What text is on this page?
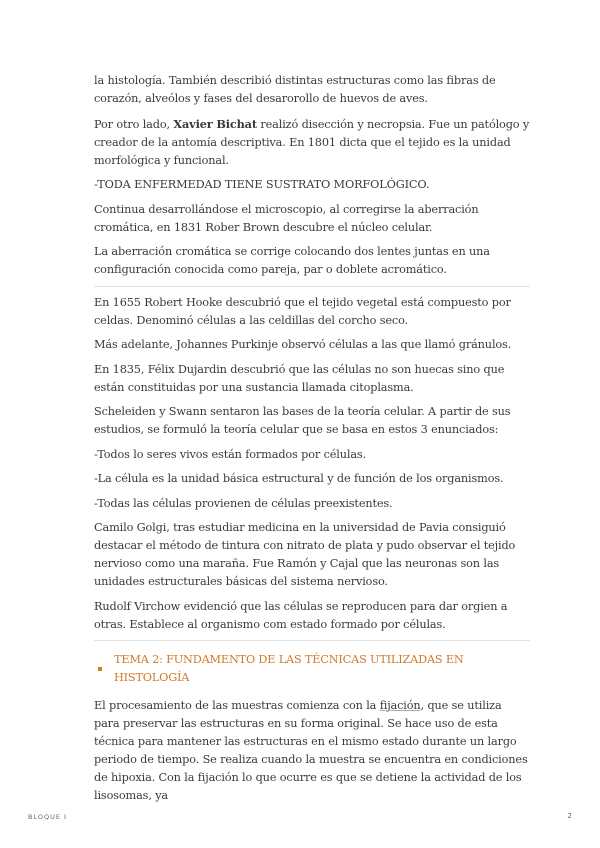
la histología. También describió distintas estructuras como las fibras de corazón, alveólos y fases del desarorollo de huevos de aves.

Por otro lado, Xavier Bichat realizó disección y necropsia. Fue un patólogo y creador de la antomía descriptiva. En 1801 dicta que el tejido es la unidad morfológica y funcional.

-TODA ENFERMEDAD TIENE SUSTRATO MORFOLÓGICO.

Continua desarrollándose el microscopio, al corregirse la aberración cromática, en 1831 Rober Brown descubre el núcleo celular.

La aberración cromática se corrige colocando dos lentes juntas en una configuración conocida como pareja, par o doblete acromático.

En 1655 Robert Hooke descubrió que el tejido vegetal está compuesto por celdas. Denominó células a las celdillas del corcho seco.

Más adelante, Johannes Purkinje observó células a las que llamó gránulos.

En 1835, Félix Dujardin descubrió que las células no son huecas sino que están constituidas por una sustancia llamada citoplasma.

Scheleiden y Swann sentaron las bases de la teoría celular. A partir de sus estudios, se formuló la teoría celular que se basa en estos 3 enunciados:

-Todos lo seres vivos están formados por células.

-La célula es la unidad básica estructural y de función de los organismos.

-Todas las células provienen de células preexistentes.

Camilo Golgi, tras estudiar medicina en la universidad de Pavia consiguió destacar el método de tintura con nitrato de plata y pudo observar el tejido nervioso como una maraña. Fue Ramón y Cajal que las neuronas son las unidades estructurales básicas del sistema nervioso.

Rudolf Virchow evidenció que las células se reproducen para dar orgien a otras. Establece al organismo com estado formado por células.

TEMA 2: FUNDAMENTO DE LAS TÉCNICAS UTILIZADAS EN HISTOLOGÍA

El procesamiento de las muestras comienza con la fijación, que se utiliza para preservar las estructuras en su forma original. Se hace uso de esta técnica para mantener las estructuras en el mismo estado durante un largo periodo de tiempo. Se realiza cuando la muestra se encuentra en condiciones de hipoxia. Con la fijación lo que ocurre es que se detiene la actividad de los lisosomas, ya

BLOQUE I	2
